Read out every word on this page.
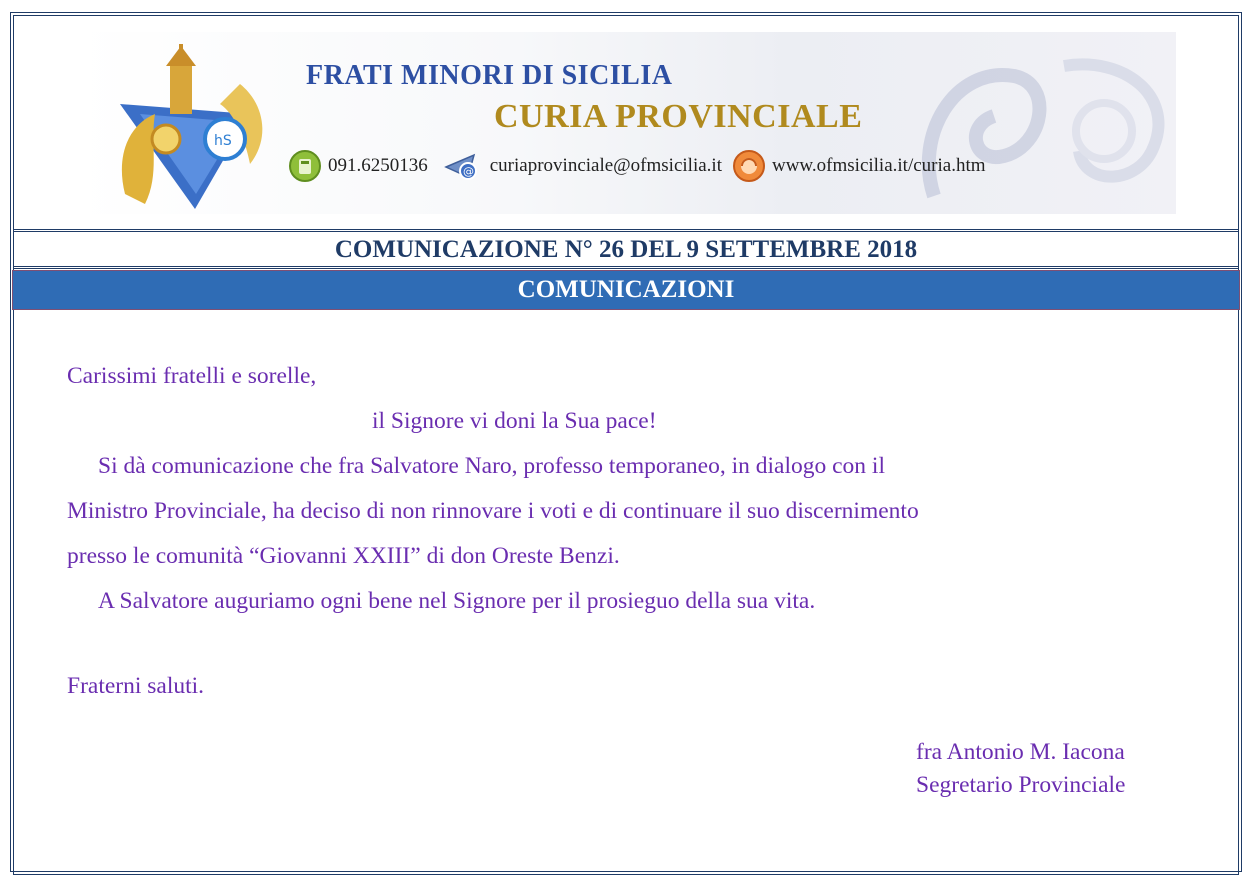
hS
FRATI MINORI DI SICILIA
CURIA PROVINCIALE
091.6250136	@ curiaprovinciale@ofmsicilia.it	www.ofmsicilia.it/curia.htm
COMUNICAZIONE N° 26 DEL 9 SETTEMBRE 2018
COMUNICAZIONI

Carissimi fratelli e sorelle,

il Signore vi doni la Sua pace!

Si dà comunicazione che fra Salvatore Naro, professo temporaneo, in dialogo con il

Ministro Provinciale, ha deciso di non rinnovare i voti e di continuare il suo discernimento

presso le comunità “Giovanni XXIII” di don Oreste Benzi.

A Salvatore auguriamo ogni bene nel Signore per il prosieguo della sua vita.

Fraterni saluti.
fra Antonio M. Iacona
Segretario Provinciale
